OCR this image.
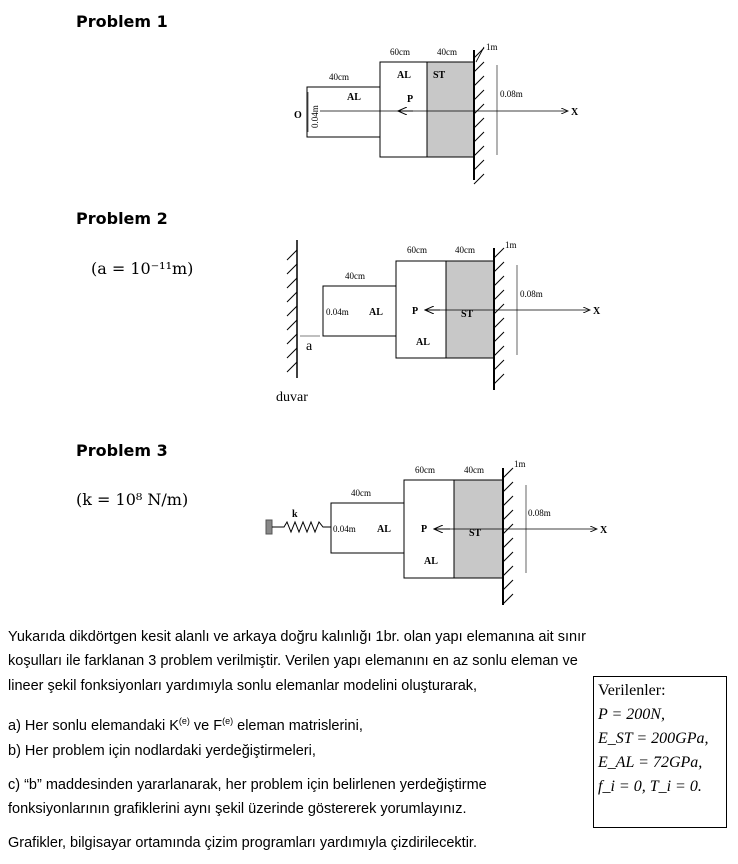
Problem 1
Problem 2
(a = 10⁻¹¹m)
Problem 3
(k = 10⁸ N/m)
40cm
60cm	40cm	1m
AL
AL ST
P
O 0.04m
0.08m
X
40cm
60cm	40cm	1m
0.04m AL	P
AL
ST
0.08m
X
a
duvar
k
40cm
60cm	40cm
1m
0.04m AL	P
AL
ST
0.08m
X
Yukarıda dikdörtgen kesit alanlı ve arkaya doğru kalınlığı 1br. olan yapı elemanına ait sınır
koşulları ile farklanan 3 problem verilmiştir. Verilen yapı elemanını en az sonlu eleman ve
lineer şekil fonksiyonları yardımıyla sonlu elemanlar modelini oluşturarak,
a) Her sonlu elemandaki $K^{(e)}$ ve $F^{(e)}$ eleman matrislerini,
b) Her problem için nodlardaki yerdeğiştirmeleri,
c) “b” maddesinden yararlanarak, her problem için belirlenen yerdeğiştirme
fonksiyonlarının grafiklerini aynı şekil üzerinde göstererek yorumlayınız.
Grafikler, bilgisayar ortamında çizim programları yardımıyla çizdirilecektir.
Verilenler:
P = 200N,
E_ST = 200GPa,
E_AL = 72GPa,
f_i = 0, T_i = 0.
